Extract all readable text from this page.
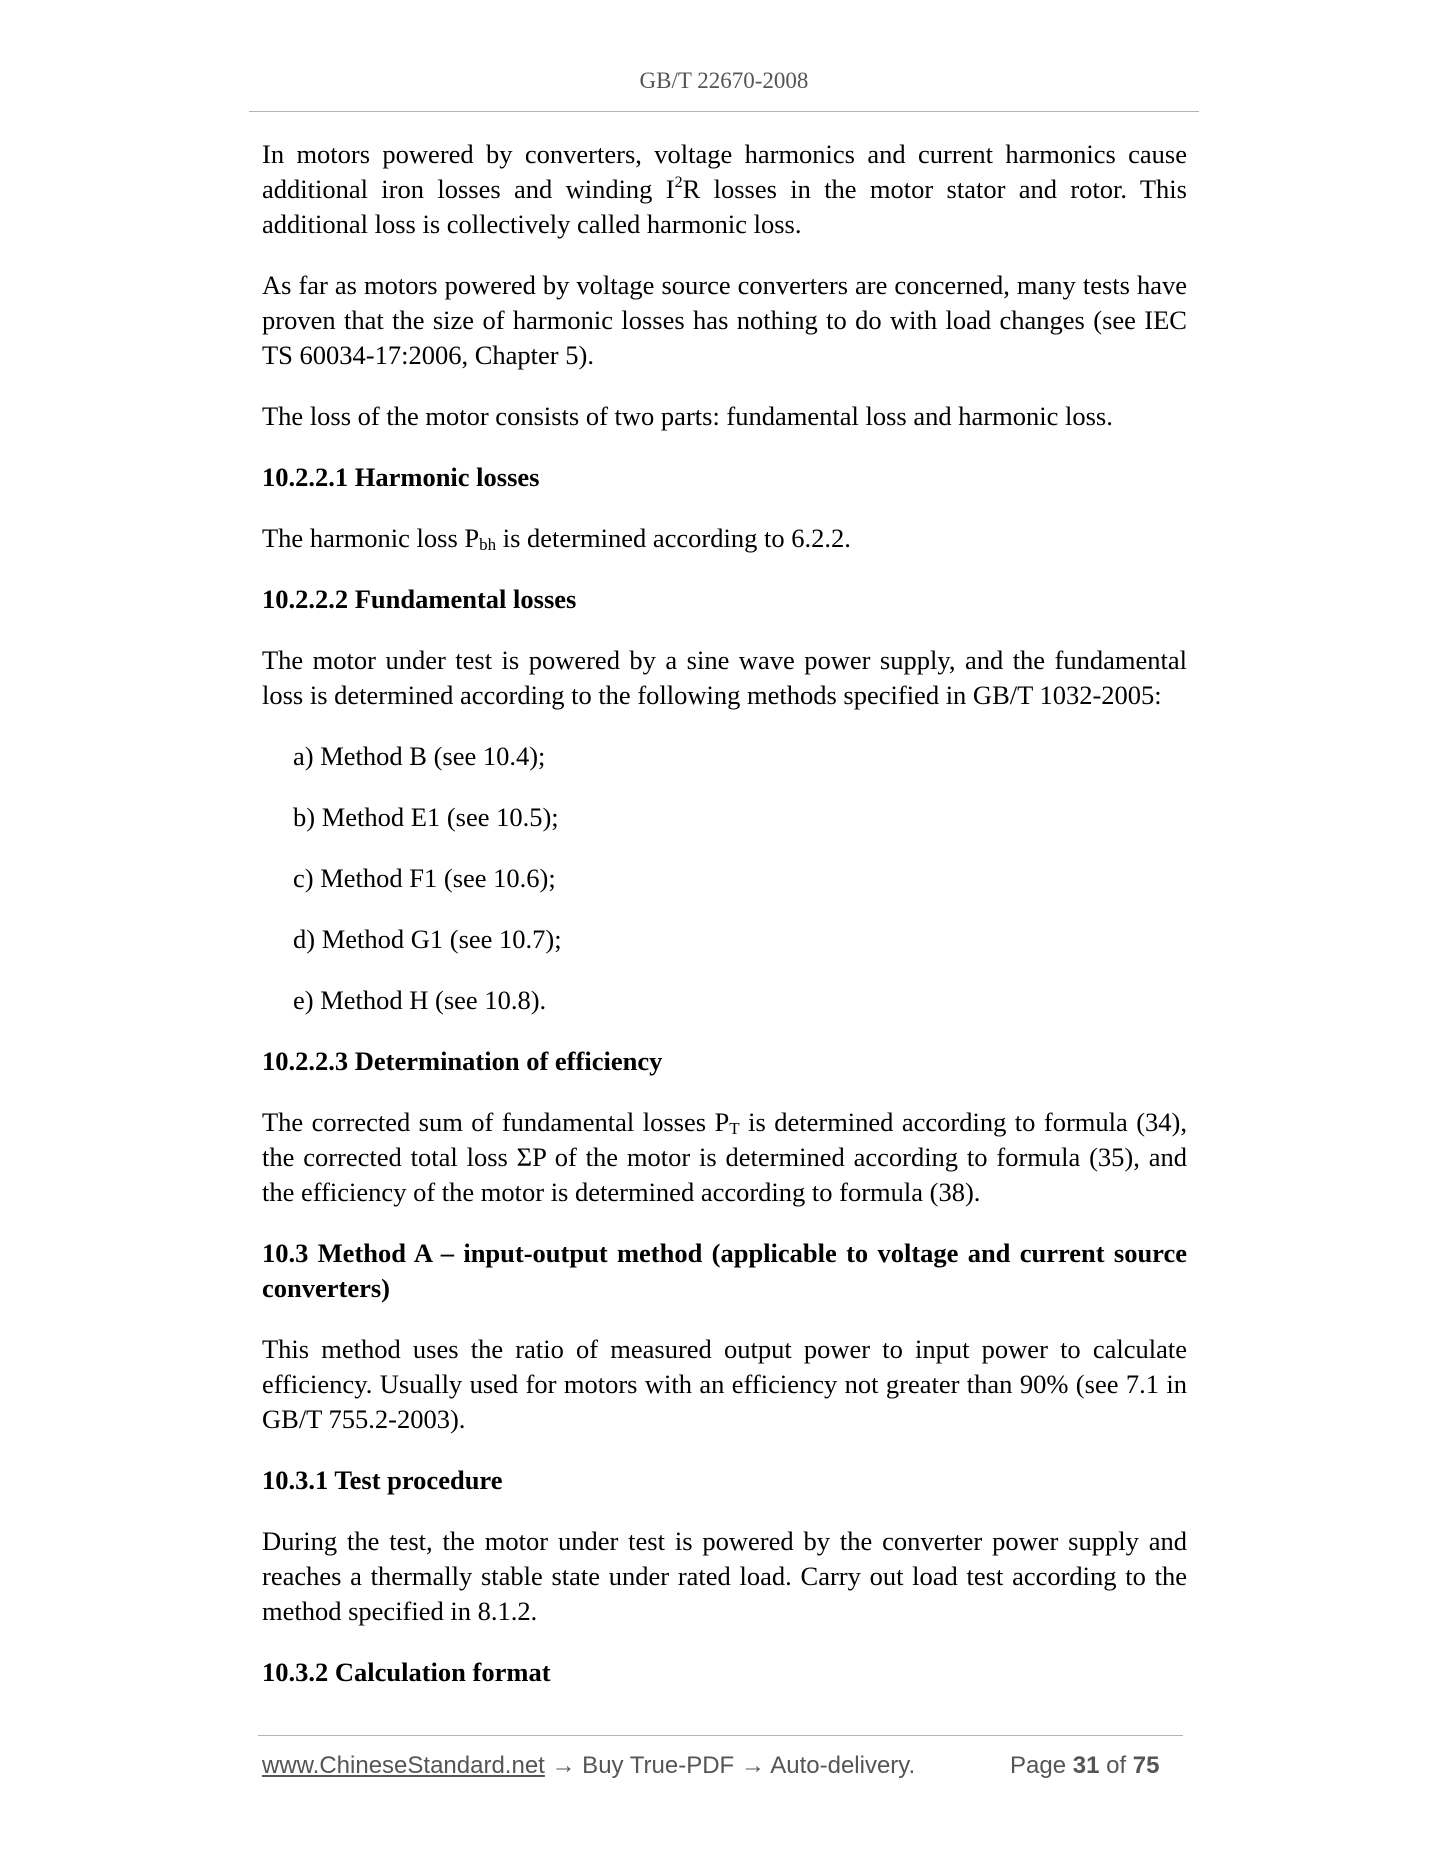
GB/T 22670-2008

In motors powered by converters, voltage harmonics and current harmonics cause additional iron losses and winding $I^2R$ losses in the motor stator and rotor. This additional loss is collectively called harmonic loss.

As far as motors powered by voltage source converters are concerned, many tests have proven that the size of harmonic losses has nothing to do with load changes (see IEC TS 60034-17:2006, Chapter 5).

The loss of the motor consists of two parts: fundamental loss and harmonic loss.

10.2.2.1 Harmonic losses

The harmonic loss $P_{bh}$ is determined according to 6.2.2.

10.2.2.2 Fundamental losses

The motor under test is powered by a sine wave power supply, and the fundamental loss is determined according to the following methods specified in GB/T 1032-2005:

a) Method B (see 10.4);

b) Method E1 (see 10.5);

c) Method F1 (see 10.6);

d) Method G1 (see 10.7);

e) Method H (see 10.8).

10.2.2.3 Determination of efficiency

The corrected sum of fundamental losses $P_T$ is determined according to formula (34), the corrected total loss ΣP of the motor is determined according to formula (35), and the efficiency of the motor is determined according to formula (38).

10.3 Method A – input-output method (applicable to voltage and current source converters)

This method uses the ratio of measured output power to input power to calculate efficiency. Usually used for motors with an efficiency not greater than 90% (see 7.1 in GB/T 755.2-2003).

10.3.1 Test procedure

During the test, the motor under test is powered by the converter power supply and reaches a thermally stable state under rated load. Carry out load test according to the method specified in 8.1.2.

10.3.2 Calculation format

www.ChineseStandard.net → Buy True-PDF → Auto-delivery.	Page 31 of 75
